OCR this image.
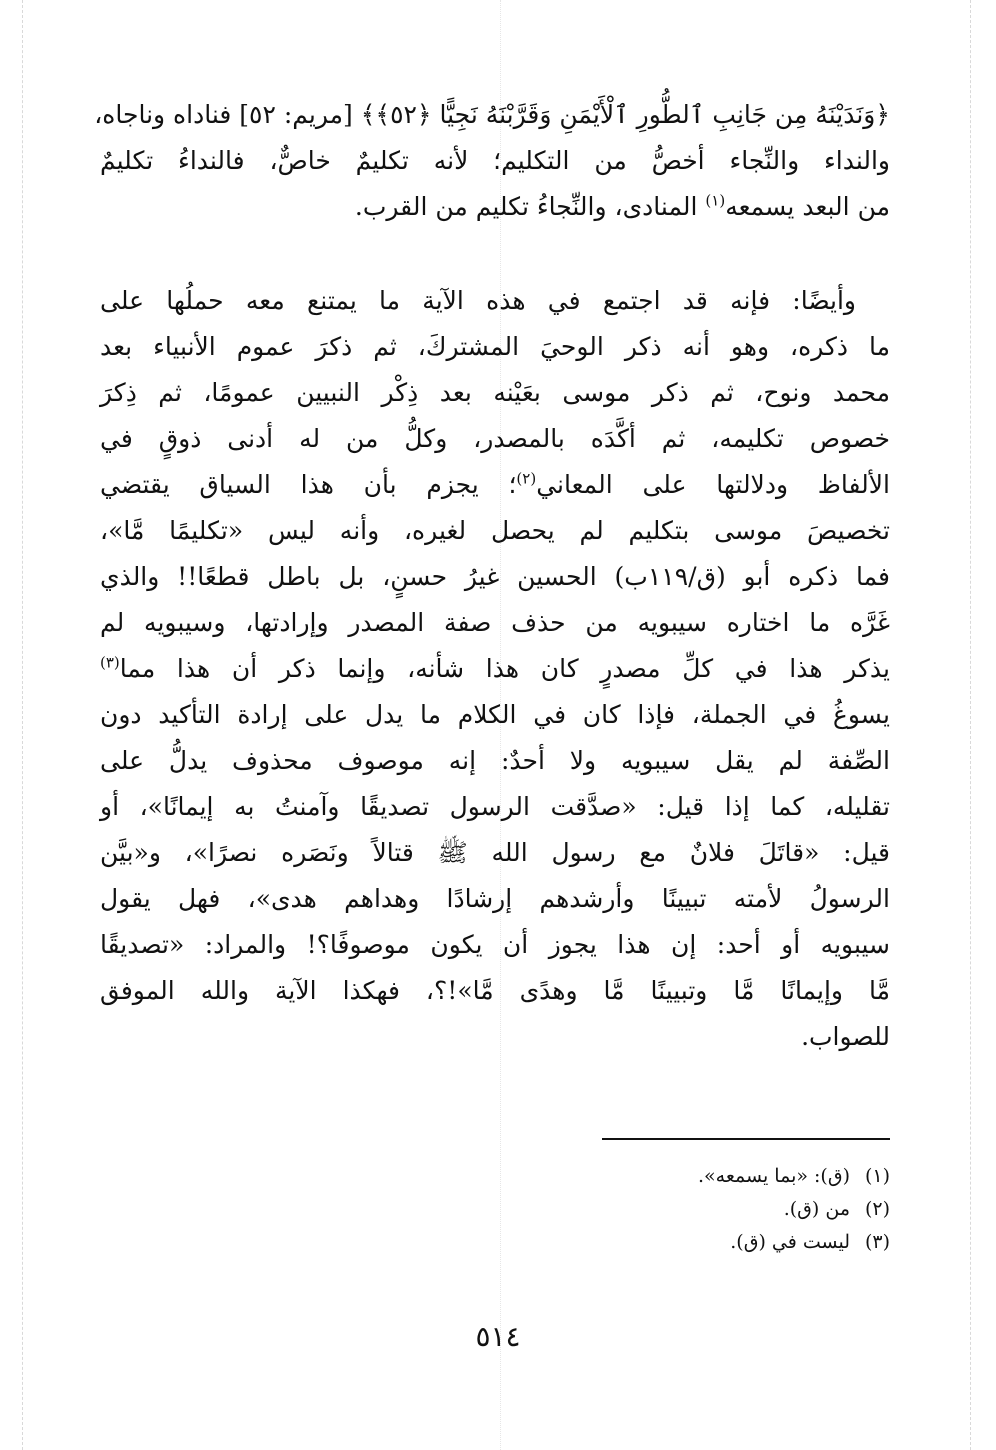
﴿وَنَدَيْنَهُ مِن جَانِبِ ٱلطُّورِ ٱلْأَيْمَنِ وَقَرَّبْنَهُ نَجِيًّا ﴿٥٢﴾﴾ [مريم: ٥٢] فناداه وناجاه،
والنداء والنِّجاء أخصُّ من التكليم؛ لأنه تكليمٌ خاصٌّ، فالنداءُ تكليمٌ
من البعد يسمعه$^{(١)}$ المنادى، والنِّجاءُ تكليم من القرب.
وأيضًا: فإنه قد اجتمع في هذه الآية ما يمتنع معه حملُها على
ما ذكره، وهو أنه ذكر الوحيَ المشتركَ، ثم ذكرَ عموم الأنبياء بعد
محمد ونوح، ثم ذكر موسى بعَيْنه بعد ذِكْر النبيين عمومًا، ثم ذِكرَ
خصوص تكليمه، ثم أكَّدَه بالمصدر، وكلُّ من له أدنى ذوقٍ في
الألفاظ ودلالتها على المعاني$^{(٢)}$؛ يجزم بأن هذا السياق يقتضي
تخصيصَ موسى بتكليم لم يحصل لغيره، وأنه ليس «تكليمًا مَّا»،
فما ذكره أبو (ق/١١٩ب) الحسين غيرُ حسنٍ، بل باطل قطعًا!! والذي
غَرَّه ما اختاره سيبويه من حذف صفة المصدر وإرادتها، وسيبويه لم
يذكر هذا في كلِّ مصدرٍ كان هذا شأنه، وإنما ذكر أن هذا مما$^{(٣)}$
يسوغُ في الجملة، فإذا كان في الكلام ما يدل على إرادة التأكيد دون
الصِّفة لم يقل سيبويه ولا أحدٌ: إنه موصوف محذوف يدلُّ على
تقليله، كما إذا قيل: «صدَّقت الرسول تصديقًا وآمنتُ به إيمانًا»، أو
قيل: «قاتَلَ فلانٌ مع رسول الله ﷺ قتالاً ونَصَره نصرًا»، و«بيَّن
الرسولُ لأمته تبيينًا وأرشدهم إرشادًا وهداهم هدى»، فهل يقول
سيبويه أو أحد: إن هذا يجوز أن يكون موصوفًا؟! والمراد: «تصديقًا
مَّا وإيمانًا مَّا وتبيينًا مَّا وهدًى مَّا»!؟، فهكذا الآية والله الموفق
للصواب.
(١)(ق): «بما يسمعه».
(٢)من (ق).
(٣)ليست في (ق).
٥١٤
